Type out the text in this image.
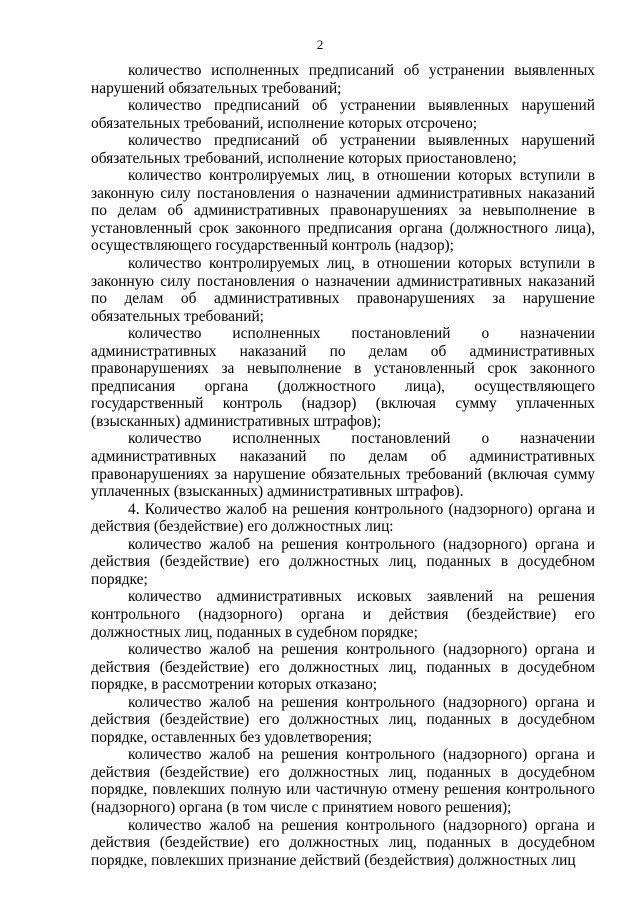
2

количество исполненных предписаний об устранении выявленных нарушений обязательных требований;

количество предписаний об устранении выявленных нарушений обязательных требований, исполнение которых отсрочено;

количество предписаний об устранении выявленных нарушений обязательных требований, исполнение которых приостановлено;

количество контролируемых лиц, в отношении которых вступили в законную силу постановления о назначении административных наказаний по делам об административных правонарушениях за невыполнение в установленный срок законного предписания органа (должностного лица), осуществляющего государственный контроль (надзор);

количество контролируемых лиц, в отношении которых вступили в законную силу постановления о назначении административных наказаний по делам об административных правонарушениях за нарушение обязательных требований;

количество исполненных постановлений о назначении административных наказаний по делам об административных правонарушениях за невыполнение в установленный срок законного предписания органа (должностного лица), осуществляющего государственный контроль (надзор) (включая сумму уплаченных (взысканных) административных штрафов);

количество исполненных постановлений о назначении административных наказаний по делам об административных правонарушениях за нарушение обязательных требований (включая сумму уплаченных (взысканных) административных штрафов).

4. Количество жалоб на решения контрольного (надзорного) органа и действия (бездействие) его должностных лиц:

количество жалоб на решения контрольного (надзорного) органа и действия (бездействие) его должностных лиц, поданных в досудебном порядке;

количество административных исковых заявлений на решения контрольного (надзорного) органа и действия (бездействие) его должностных лиц, поданных в судебном порядке;

количество жалоб на решения контрольного (надзорного) органа и действия (бездействие) его должностных лиц, поданных в досудебном порядке, в рассмотрении которых отказано;

количество жалоб на решения контрольного (надзорного) органа и действия (бездействие) его должностных лиц, поданных в досудебном порядке, оставленных без удовлетворения;

количество жалоб на решения контрольного (надзорного) органа и действия (бездействие) его должностных лиц, поданных в досудебном порядке, повлекших полную или частичную отмену решения контрольного (надзорного) органа (в том числе с принятием нового решения);

количество жалоб на решения контрольного (надзорного) органа и действия (бездействие) его должностных лиц, поданных в досудебном порядке, повлекших признание действий (бездействия) должностных лиц
